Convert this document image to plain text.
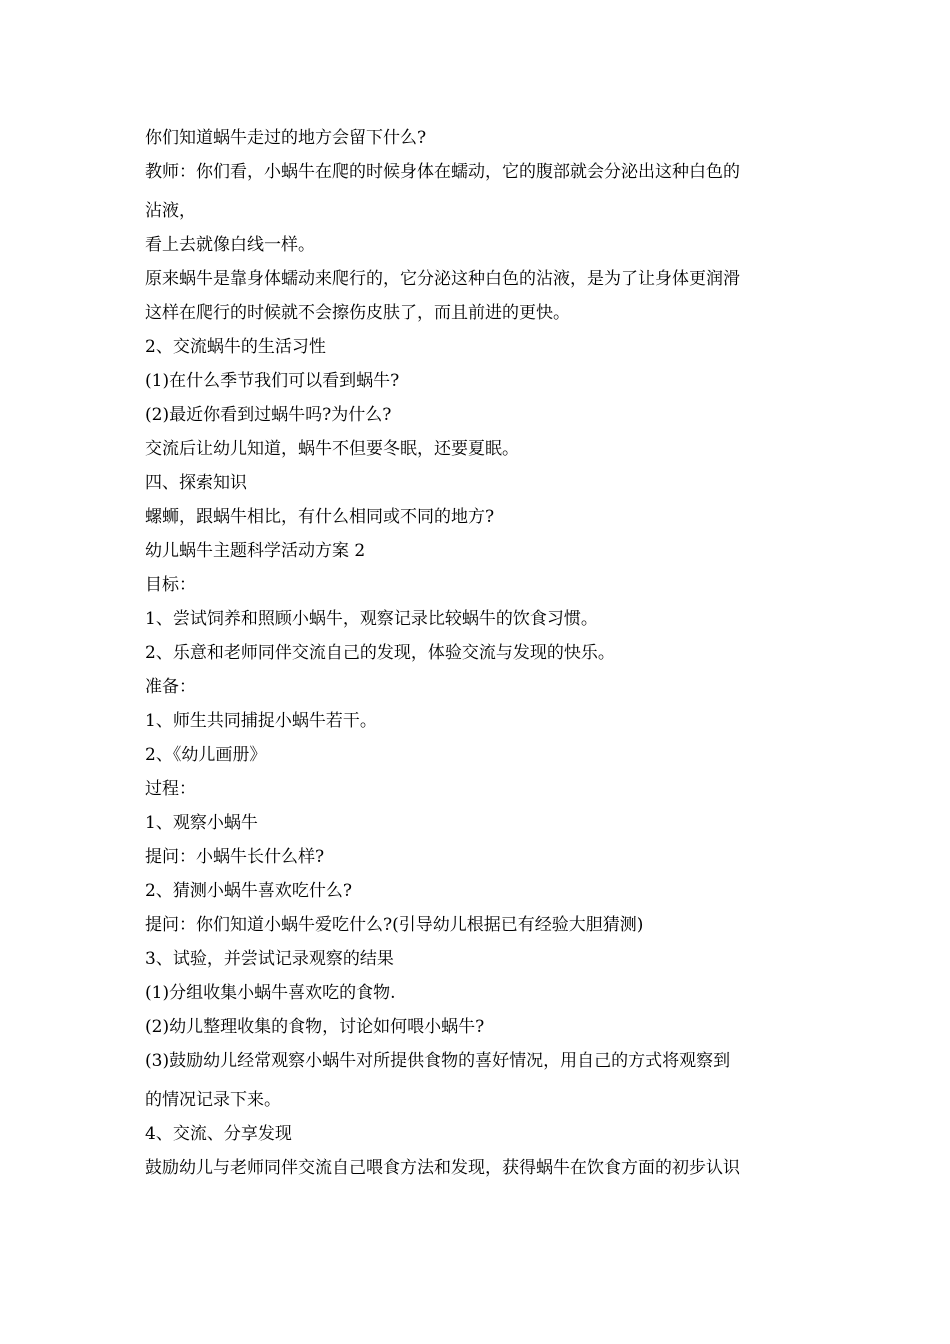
你们知道蜗牛走过的地方会留下什么?
教师：你们看，小蜗牛在爬的时候身体在蠕动，它的腹部就会分泌出这种白色的
沾液，
看上去就像白线一样。
原来蜗牛是靠身体蠕动来爬行的，它分泌这种白色的沾液，是为了让身体更润滑
这样在爬行的时候就不会擦伤皮肤了，而且前进的更快。
2、交流蜗牛的生活习性
(1)在什么季节我们可以看到蜗牛?
(2)最近你看到过蜗牛吗?为什么?
交流后让幼儿知道，蜗牛不但要冬眠，还要夏眠。
四、探索知识
螺蛳，跟蜗牛相比，有什么相同或不同的地方?
幼儿蜗牛主题科学活动方案 2
目标：
1、尝试饲养和照顾小蜗牛，观察记录比较蜗牛的饮食习惯。
2、乐意和老师同伴交流自己的发现，体验交流与发现的快乐。
准备：
1、师生共同捕捉小蜗牛若干。
2、《幼儿画册》
过程：
1、观察小蜗牛
提问：小蜗牛长什么样?
2、猜测小蜗牛喜欢吃什么?
提问：你们知道小蜗牛爱吃什么?(引导幼儿根据已有经验大胆猜测)
3、试验，并尝试记录观察的结果
(1)分组收集小蜗牛喜欢吃的食物.
(2)幼儿整理收集的食物，讨论如何喂小蜗牛?
(3)鼓励幼儿经常观察小蜗牛对所提供食物的喜好情况，用自己的方式将观察到
的情况记录下来。
4、交流、分享发现
鼓励幼儿与老师同伴交流自己喂食方法和发现，获得蜗牛在饮食方面的初步认识
